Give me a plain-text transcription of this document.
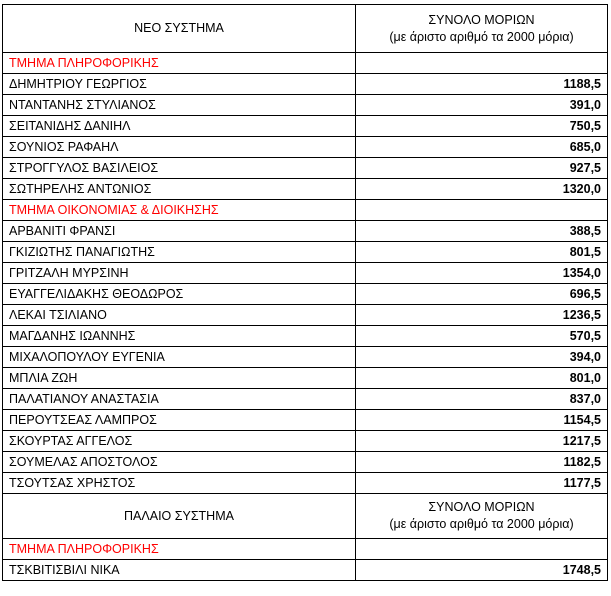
ΝΕΟ ΣΥΣΤΗΜΑ	ΣΥΝΟΛΟ ΜΟΡΙΩΝ
(με άριστο αριθμό τα 2000 μόρια)

ΤΜΗΜΑ ΠΛΗΡΟΦΟΡΙΚΗΣ	
ΔΗΜΗΤΡΙΟΥ ΓΕΩΡΓΙΟΣ	1188,5
ΝΤΑΝΤΑΝΗΣ ΣΤΥΛΙΑΝΟΣ	391,0
ΣΕΙΤΑΝΙΔΗΣ ΔΑΝΙΗΛ	750,5
ΣΟΥΝΙΟΣ ΡΑΦΑΗΛ	685,0
ΣΤΡΟΓΓΥΛΟΣ ΒΑΣΙΛΕΙΟΣ	927,5
ΣΩΤΗΡΕΛΗΣ ΑΝΤΩΝΙΟΣ	1320,0
ΤΜΗΜΑ ΟΙΚΟΝΟΜΙΑΣ & ΔΙΟΙΚΗΣΗΣ	
ΑΡΒΑΝΙΤΙ ΦΡΑΝΣΙ	388,5
ΓΚΙΖΙΩΤΗΣ ΠΑΝΑΓΙΩΤΗΣ	801,5
ΓΡΙΤΖΑΛΗ ΜΥΡΣΙΝΗ	1354,0
ΕΥΑΓΓΕΛΙΔΑΚΗΣ ΘΕΟΔΩΡΟΣ	696,5
ΛΕΚΑΙ ΤΣΙΛΙΑΝΟ	1236,5
ΜΑΓΔΑΝΗΣ ΙΩΑΝΝΗΣ	570,5
ΜΙΧΑΛΟΠΟΥΛΟΥ ΕΥΓΕΝΙΑ	394,0
ΜΠΛΙΑ ΖΩΗ	801,0
ΠΑΛΑΤΙΑΝΟΥ ΑΝΑΣΤΑΣΙΑ	837,0
ΠΕΡΟΥΤΣΕΑΣ ΛΑΜΠΡΟΣ	1154,5
ΣΚΟΥΡΤΑΣ ΑΓΓΕΛΟΣ	1217,5
ΣΟΥΜΕΛΑΣ ΑΠΟΣΤΟΛΟΣ	1182,5
ΤΣΟΥΤΣΑΣ ΧΡΗΣΤΟΣ	1177,5
ΠΑΛΑΙΟ ΣΥΣΤΗΜΑ	ΣΥΝΟΛΟ ΜΟΡΙΩΝ
(με άριστο αριθμό τα 2000 μόρια)

ΤΜΗΜΑ ΠΛΗΡΟΦΟΡΙΚΗΣ	
ΤΣΚΒΙΤΙΣΒΙΛΙ ΝΙΚΑ	1748,5
